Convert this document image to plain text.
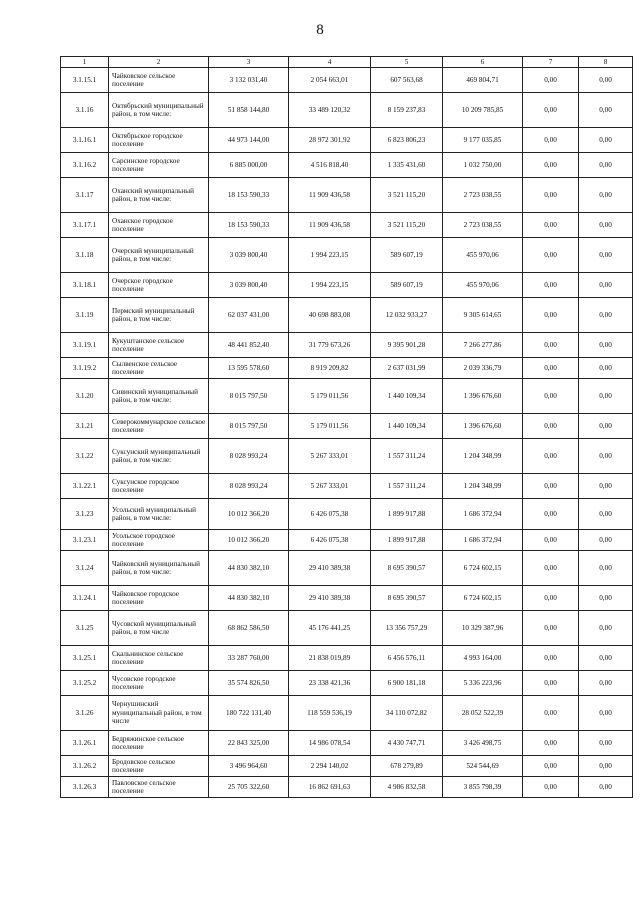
8
1	2	3	4	5	6	7	8
3.1.15.1	Чайковское сельское поселение	3 132 031,40	2 054 663,01	607 563,68	469 804,71	0,00	0,00
3.1.16	Октябрьский муниципальный район, в том числе:	51 858 144,80	33 489 120,32	8 159 237,83	10 209 785,85	0,00	0,00
3.1.16.1	Октябрьское городское поселение	44 973 144,00	28 972 301,92	6 823 806,23	9 177 035,85	0,00	0,00
3.1.16.2	Сарсинское городское поселение	6 885 000,00	4 516 818,40	1 335 431,60	1 032 750,00	0,00	0,00
3.1.17	Оханский муниципальный район, в том числе:	18 153 590,33	11 909 436,58	3 521 115,20	2 723 038,55	0,00	0,00
3.1.17.1	Оханское городское поселение	18 153 590,33	11 909 436,58	3 521 115,20	2 723 038,55	0,00	0,00
3.1.18	Очерский муниципальный район, в том числе:	3 039 800,40	1 994 223,15	589 607,19	455 970,06	0,00	0,00
3.1.18.1	Очерское городское поселение	3 039 800,40	1 994 223,15	589 607,19	455 970,06	0,00	0,00
3.1.19	Пермский муниципальный район, в том числе:	62 037 431,00	40 698 883,08	12 032 933,27	9 305 614,65	0,00	0,00
3.1.19.1	Кукуштанское сельское поселение	48 441 852,40	31 779 673,26	9 395 901,28	7 266 277,86	0,00	0,00
3.1.19.2	Сылвенское сельское поселение	13 595 578,60	8 919 209,82	2 637 031,99	2 039 336,79	0,00	0,00
3.1.20	Сивинский муниципальный район, в том числе:	8 015 797,50	5 179 011,56	1 440 109,34	1 396 676,60	0,00	0,00
3.1.21	Северокоммунарское сельское поселение	8 015 797,50	5 179 011,56	1 440 109,34	1 396 676,60	0,00	0,00
3.1.22	Суксунский муниципальный район, в том числе:	8 028 993,24	5 267 333,01	1 557 311,24	1 204 348,99	0,00	0,00
3.1.22.1	Суксунское городское поселение	8 028 993,24	5 267 333,01	1 557 311,24	1 204 348,99	0,00	0,00
3.1.23	Усольский муниципальный район, в том числе:	10 012 366,20	6 426 075,38	1 899 917,88	1 686 372,94	0,00	0,00
3.1.23.1	Усольское городское поселение	10 012 366,20	6 426 075,38	1 899 917,88	1 686 372,94	0,00	0,00
3.1.24	Чайковский муниципальный район, в том числе:	44 830 382,10	29 410 389,38	8 695 390,57	6 724 602,15	0,00	0,00
3.1.24.1	Чайковское городское поселение	44 830 382,10	29 410 389,38	8 695 390,57	6 724 602,15	0,00	0,00
3.1.25	Чусовской муниципальный район, в том числе	68 862 586,50	45 176 441,25	13 356 757,29	10 329 387,96	0,00	0,00
3.1.25.1	Скальнинское сельское поселение	33 287 760,00	21 838 019,89	6 456 576,11	4 993 164,00	0,00	0,00
3.1.25.2	Чусовское городское поселение	35 574 826,50	23 338 421,36	6 900 181,18	5 336 223,96	0,00	0,00
3.1.26	Чернушинский муниципальный район, в том числе	180 722 131,40	118 559 536,19	34 110 072,82	28 052 522,39	0,00	0,00
3.1.26.1	Бедряжинское сельское поселение	22 843 325,00	14 986 078,54	4 430 747,71	3 426 498,75	0,00	0,00
3.1.26.2	Бродовское сельское поселение	3 496 964,60	2 294 140,02	678 279,89	524 544,69	0,00	0,00
3.1.26.3	Павловское сельское поселение	25 705 322,60	16 862 691,63	4 986 832,58	3 855 798,39	0,00	0,00
